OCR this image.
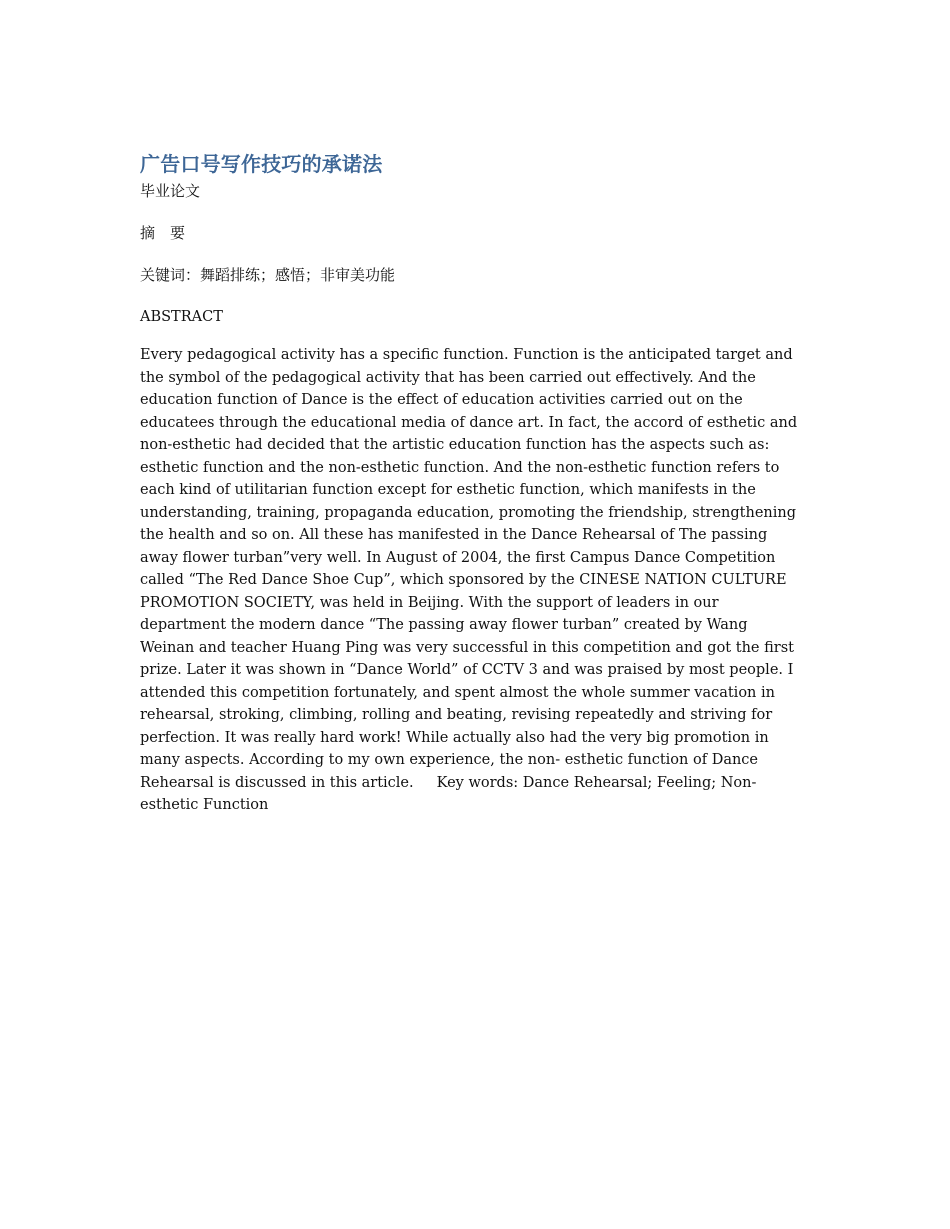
广告口号写作技巧的承诺法

毕业论文

摘　要

关键词：舞蹈排练；感悟；非审美功能

ABSTRACT

Every pedagogical activity has a specific function. Function is the anticipated target and the symbol of the pedagogical activity that has been carried out effectively. And the education function of Dance is the effect of education activities carried out on the educatees through the educational media of dance art. In fact, the accord of esthetic and non-esthetic had decided that the artistic education function has the aspects such as: esthetic function and the non-esthetic function. And the non-esthetic function refers to each kind of utilitarian function except for esthetic function, which manifests in the understanding, training, propaganda education, promoting the friendship, strengthening the health and so on. All these has manifested in the Dance Rehearsal of The passing away flower turban”very well. In August of 2004, the first Campus Dance Competition called “The Red Dance Shoe Cup”, which sponsored by the CINESE NATION CULTURE PROMOTION SOCIETY, was held in Beijing. With the support of leaders in our department the modern dance “The passing away flower turban” created by Wang Weinan and teacher Huang Ping was very successful in this competition and got the first prize. Later it was shown in “Dance World” of CCTV 3 and was praised by most people. I attended this competition fortunately, and spent almost the whole summer vacation in rehearsal, stroking, climbing, rolling and beating, revising repeatedly and striving for perfection. It was really hard work! While actually also had the very big promotion in many aspects. According to my own experience, the non- esthetic function of Dance Rehearsal is discussed in this article.     Key words: Dance Rehearsal; Feeling; Non-esthetic Function
